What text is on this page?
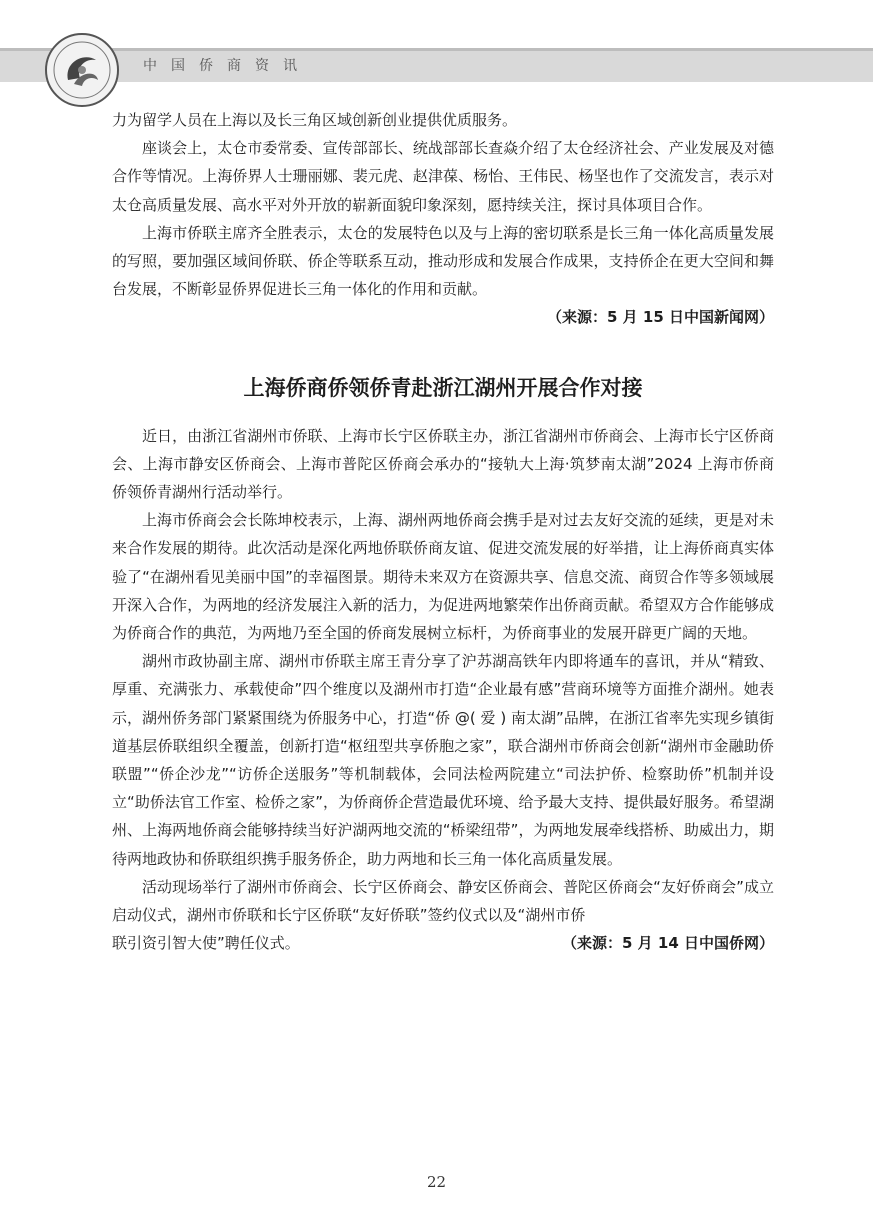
中国侨商资讯

力为留学人员在上海以及长三角区域创新创业提供优质服务。

座谈会上，太仓市委常委、宣传部部长、统战部部长查焱介绍了太仓经济社会、产业发展及对德合作等情况。上海侨界人士珊丽娜、裴元虎、赵津葆、杨怡、王伟民、杨坚也作了交流发言，表示对太仓高质量发展、高水平对外开放的崭新面貌印象深刻，愿持续关注，探讨具体项目合作。

上海市侨联主席齐全胜表示，太仓的发展特色以及与上海的密切联系是长三角一体化高质量发展的写照，要加强区域间侨联、侨企等联系互动，推动形成和发展合作成果，支持侨企在更大空间和舞台发展，不断彰显侨界促进长三角一体化的作用和贡献。

（来源：5 月 15 日中国新闻网）

上海侨商侨领侨青赴浙江湖州开展合作对接

近日，由浙江省湖州市侨联、上海市长宁区侨联主办，浙江省湖州市侨商会、上海市长宁区侨商会、上海市静安区侨商会、上海市普陀区侨商会承办的“接轨大上海·筑梦南太湖”2024 上海市侨商侨领侨青湖州行活动举行。

上海市侨商会会长陈坤校表示，上海、湖州两地侨商会携手是对过去友好交流的延续，更是对未来合作发展的期待。此次活动是深化两地侨联侨商友谊、促进交流发展的好举措，让上海侨商真实体验了“在湖州看见美丽中国”的幸福图景。期待未来双方在资源共享、信息交流、商贸合作等多领域展开深入合作，为两地的经济发展注入新的活力，为促进两地繁荣作出侨商贡献。希望双方合作能够成为侨商合作的典范，为两地乃至全国的侨商发展树立标杆，为侨商事业的发展开辟更广阔的天地。

湖州市政协副主席、湖州市侨联主席王青分享了沪苏湖高铁年内即将通车的喜讯，并从“精致、厚重、充满张力、承载使命”四个维度以及湖州市打造“企业最有感”营商环境等方面推介湖州。她表示，湖州侨务部门紧紧围绕为侨服务中心，打造“侨 @( 爱 ) 南太湖”品牌，在浙江省率先实现乡镇街道基层侨联组织全覆盖，创新打造“枢纽型共享侨胞之家”，联合湖州市侨商会创新“湖州市金融助侨联盟”“侨企沙龙”“访侨企送服务”等机制载体，会同法检两院建立“司法护侨、检察助侨”机制并设立“助侨法官工作室、检侨之家”，为侨商侨企营造最优环境、给予最大支持、提供最好服务。希望湖州、上海两地侨商会能够持续当好沪湖两地交流的“桥梁纽带”，为两地发展牵线搭桥、助威出力，期待两地政协和侨联组织携手服务侨企，助力两地和长三角一体化高质量发展。

活动现场举行了湖州市侨商会、长宁区侨商会、静安区侨商会、普陀区侨商会“友好侨商会”成立启动仪式，湖州市侨联和长宁区侨联“友好侨联”签约仪式以及“湖州市侨

联引资引智大使”聘任仪式。	（来源：5 月 14 日中国侨网）
22
